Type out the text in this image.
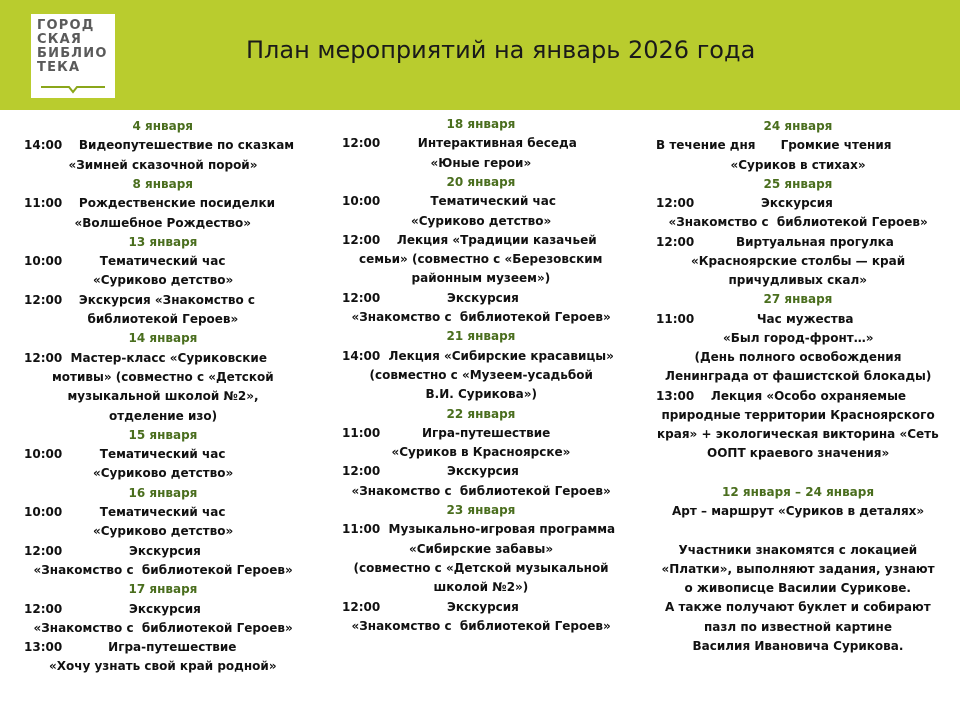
ГОРОД
СКАЯ
БИБЛИО
ТЕКА
План мероприятий на январь 2026 года
4 января
14:00    Видеопутешествие по сказкам
«Зимней сказочной порой»
8 января
11:00    Рождественские посиделки
«Волшебное Рождество»
13 января
10:00         Тематический час
«Суриково детство»
12:00    Экскурсия «Знакомство с
библиотекой Героев»
14 января
12:00  Мастер-класс «Суриковские
мотивы» (совместно с «Детской
музыкальной школой №2»,
отделение изо)
15 января
10:00         Тематический час
«Суриково детство»
16 января
10:00         Тематический час
«Суриково детство»
12:00                Экскурсия
«Знакомство с  библиотекой Героев»
17 января
12:00                Экскурсия
«Знакомство с  библиотекой Героев»
13:00           Игра-путешествие
«Хочу узнать свой край родной»
18 января
12:00         Интерактивная беседа
«Юные герои»
20 января
10:00            Тематический час
«Суриково детство»
12:00    Лекция «Традиции казачьей
семьи» (совместно с «Березовским
районным музеем»)
12:00                Экскурсия
«Знакомство с  библиотекой Героев»
21 января
14:00  Лекция «Сибирские красавицы»
(совместно с «Музеем-усадьбой
В.И. Сурикова»)
22 января
11:00          Игра-путешествие
«Суриков в Красноярске»
12:00                Экскурсия
«Знакомство с  библиотекой Героев»
23 января
11:00  Музыкально-игровая программа
«Сибирские забавы»
(совместно с «Детской музыкальной
школой №2»)
12:00                Экскурсия
«Знакомство с  библиотекой Героев»
24 января
В течение дня      Громкие чтения
«Суриков в стихах»
25 января
12:00                Экскурсия
«Знакомство с  библиотекой Героев»
12:00          Виртуальная прогулка
«Красноярские столбы — край
причудливых скал»
27 января
11:00               Час мужества
«Был город-фронт…»
(День полного освобождения
Ленинграда от фашистской блокады)
13:00    Лекция «Особо охраняемые
природные территории Красноярского
края» + экологическая викторина «Сеть
ООПТ краевого значения»
12 января – 24 января
Арт – маршрут «Суриков в деталях»
Участники знакомятся с локацией
«Платки», выполняют задания, узнают
о живописце Василии Сурикове.
А также получают буклет и собирают
пазл по известной картине
Василия Ивановича Сурикова.
